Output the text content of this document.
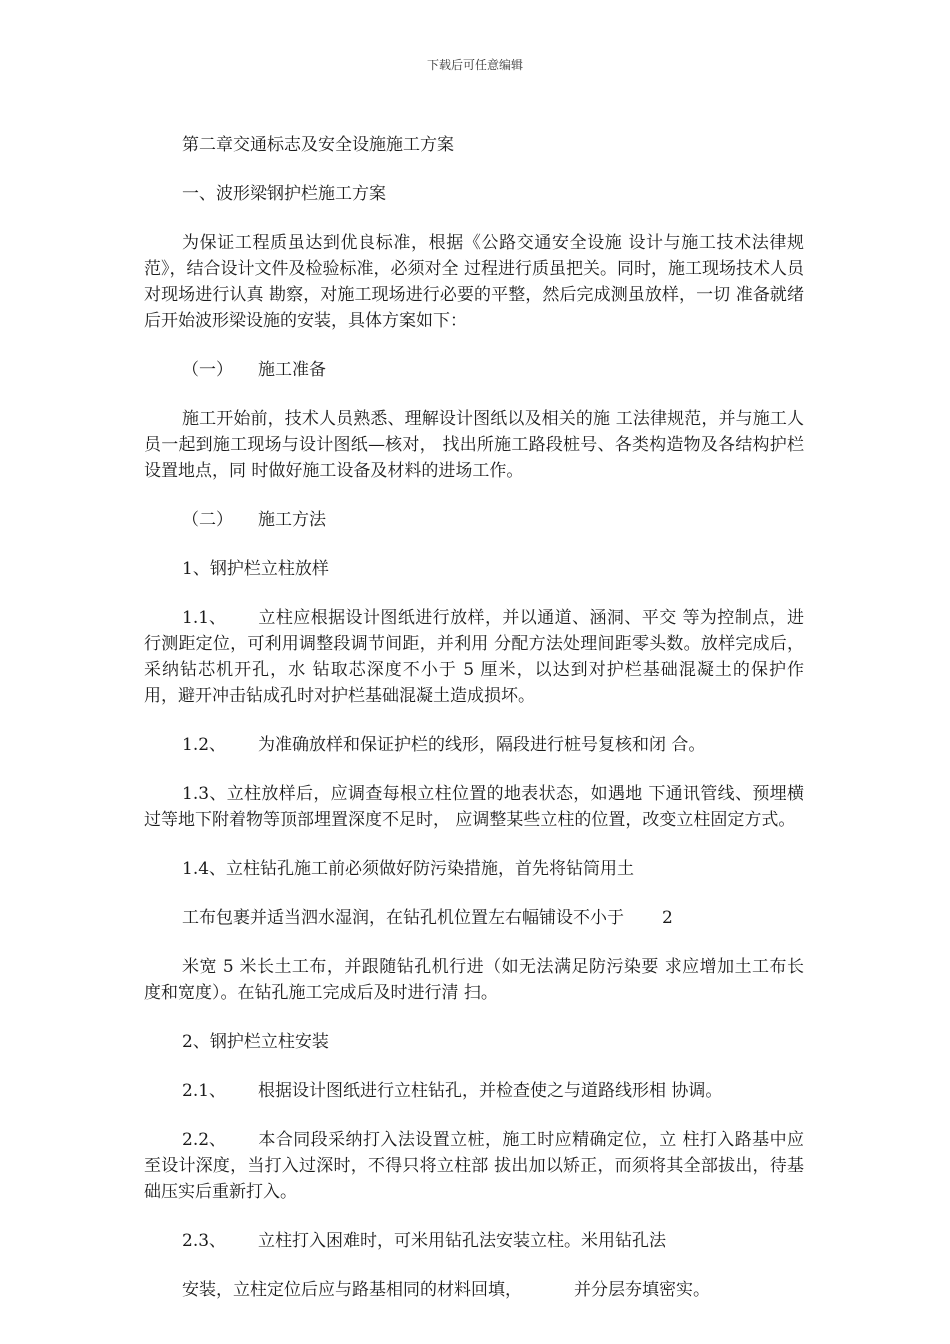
下载后可任意编辑

第二章交通标志及安全设施施工方案

一、波形梁钢护栏施工方案

为保证工程质虽达到优良标准，根据《公路交通安全设施 设计与施工技术法律规范》，结合设计文件及检验标准，必须对全 过程进行质虽把关。同时，施工现场技术人员对现场进行认真 勘察，对施工现场进行必要的平整，然后完成测虽放样，一切 准备就绪后开始波形梁设施的安装，具体方案如下：

（一） 施工准备

施工开始前，技术人员熟悉、理解设计图纸以及相关的施 工法律规范，并与施工人员一起到施工现场与设计图纸—核对， 找出所施工路段桩号、各类构造物及各结构护栏设置地点，同 时做好施工设备及材料的进场工作。

（二） 施工方法

1、钢护栏立柱放样

1.1、 立柱应根据设计图纸进行放样，并以通道、涵洞、平交 等为控制点，进行测距定位，可利用调整段调节间距，并利用 分配方法处理间距零头数。放样完成后，采纳钻芯机开孔，水 钻取芯深度不小于 5 厘米，以达到对护栏基础混凝土的保护作 用，避开冲击钻成孔时对护栏基础混凝土造成损坏。

1.2、 为准确放样和保证护栏的线形，隔段进行桩号复核和闭 合。

1.3、立柱放样后，应调查每根立柱位置的地表状态，如遇地 下通讯管线、预埋横过等地下附着物等顶部埋置深度不足时， 应调整某些立柱的位置，改变立柱固定方式。

1.4、立柱钻孔施工前必须做好防污染措施，首先将钻筒用土

工布包裹并适当泗水湿润，在钻孔机位置左右幅铺设不小于 2

米宽 5 米长土工布，并跟随钻孔机行进（如无法满足防污染要 求应增加土工布长度和宽度）。在钻孔施工完成后及时进行清 扫。

2、钢护栏立柱安装

2.1、 根据设计图纸进行立柱钻孔，并检查使之与道路线形相 协调。

2.2、 本合同段采纳打入法设置立桩，施工时应精确定位，立 柱打入路基中应至设计深度，当打入过深时，不得只将立柱部 拔出加以矫正，而须将其全部拔出，待基础压实后重新打入。

2.3、 立柱打入困难时，可米用钻孔法安装立柱。米用钻孔法

安装，立柱定位后应与路基相同的材料回填，	并分层夯填密实。
